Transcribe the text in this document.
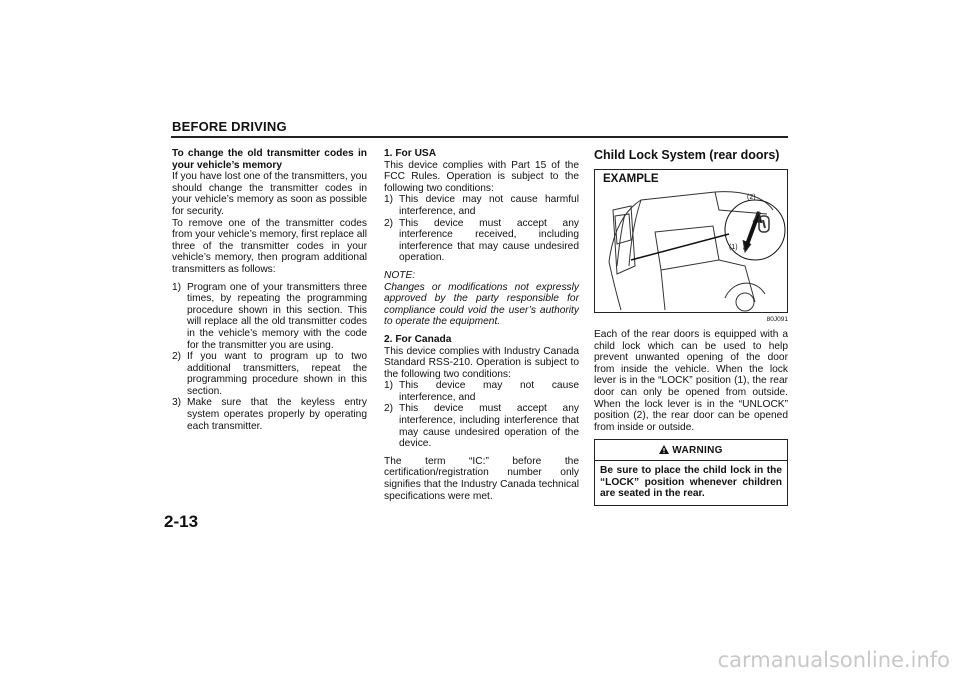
BEFORE DRIVING

To change the old transmitter codes in your vehicle’s memory

If you have lost one of the transmitters, you should change the transmitter codes in your vehicle’s memory as soon as possible for security.

To remove one of the transmitter codes from your vehicle’s memory, first replace all three of the transmitter codes in your vehicle’s memory, then program additional transmitters as follows:

1) Program one of your transmitters three times, by repeating the programming procedure shown in this section. This will replace all the old transmitter codes in the vehicle’s memory with the code for the transmitter you are using.
2) If you want to program up to two additional transmitters, repeat the programming procedure shown in this section.
3) Make sure that the keyless entry system operates properly by operating each transmitter.

1. For USA

This device complies with Part 15 of the FCC Rules. Operation is subject to the following two conditions:

1) This device may not cause harmful interference, and
2) This device must accept any interference received, including interference that may cause undesired operation.

NOTE:

Changes or modifications not expressly approved by the party responsible for compliance could void the user’s authority to operate the equipment.

2. For Canada

This device complies with Industry Canada Standard RSS-210. Operation is subject to the following two conditions:

1) This device may not cause interference, and
2) This device must accept any interference, including interference that may cause undesired operation of the device.

The term “IC:” before the certification/registration number only signifies that the Industry Canada technical specifications were met.

Child Lock System (rear doors)
EXAMPLE
(2)
(1)
80J091

Each of the rear doors is equipped with a child lock which can be used to help prevent unwanted opening of the door from inside the vehicle. When the lock lever is in the “LOCK” position (1), the rear door can only be opened from outside. When the lock lever is in the “UNLOCK” position (2), the rear door can be opened from inside or outside.

WARNING
Be sure to place the child lock in the “LOCK” position whenever children are seated in the rear.
2-13
carmanualsonline.info
